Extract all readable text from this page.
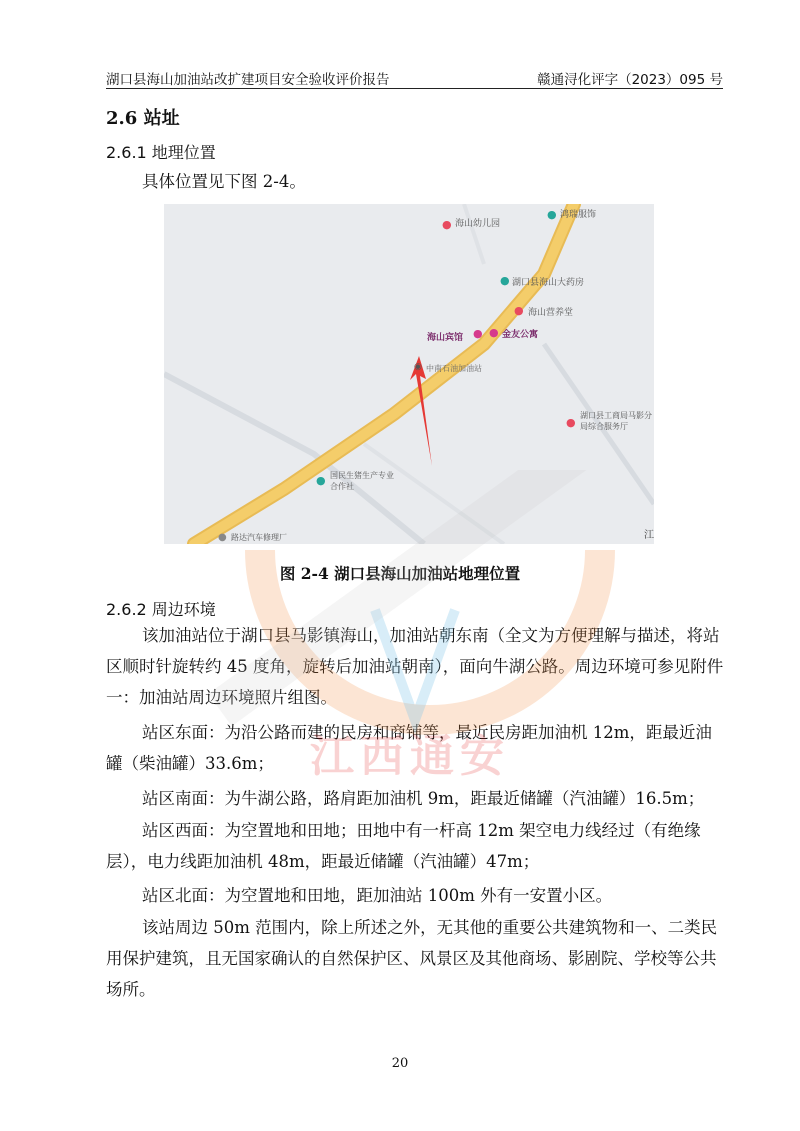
湖口县海山加油站改扩建项目安全验收评价报告	赣通浔化评字（2023）095 号
2.6 站址
2.6.1 地理位置
具体位置见下图 2-4。
● 海山幼儿园
● 鸿瑞服饰
● 湖口县海山大药房
● 海山营养堂
海山宾馆 ● ● 金友公寓
◉ 中南石油加油站
●
湖口县工商局马影分局综合服务厅
● 国民生猪生产专业合作社
● 路达汽车修理厂	江
图 2-4 湖口县海山加油站地理位置
2.6.2 周边环境
该加油站位于湖口县马影镇海山，加油站朝东南（全文为方便理解与描述，将站区顺时针旋转约 45 度角，旋转后加油站朝南），面向牛湖公路。周边环境可参见附件一：加油站周边环境照片组图。
站区东面：为沿公路而建的民房和商铺等，最近民房距加油机 12m，距最近油罐（柴油罐）33.6m；
站区南面：为牛湖公路，路肩距加油机 9m，距最近储罐（汽油罐）16.5m；
站区西面：为空置地和田地；田地中有一杆高 12m 架空电力线经过（有绝缘层），电力线距加油机 48m，距最近储罐（汽油罐）47m；
站区北面：为空置地和田地，距加油站 100m 外有一安置小区。
该站周边 50m 范围内，除上所述之外，无其他的重要公共建筑物和一、二类民用保护建筑，且无国家确认的自然保护区、风景区及其他商场、影剧院、学校等公共场所。
江西通安
20
